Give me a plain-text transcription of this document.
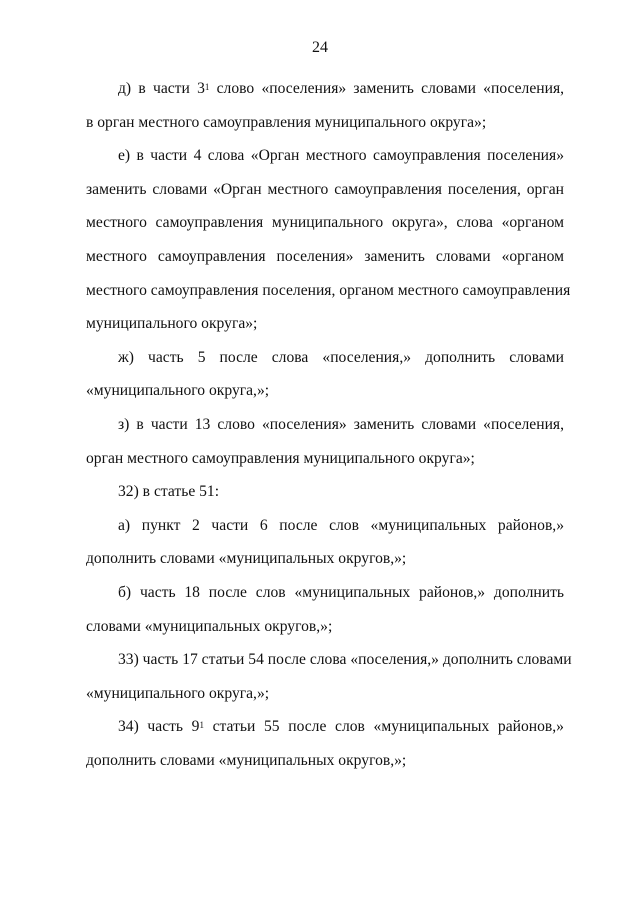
24
д) в части $3^1$ слово «поселения» заменить словами «поселения,
в орган местного самоуправления муниципального округа»;
е) в части 4 слова «Орган местного самоуправления поселения»
заменить словами «Орган местного самоуправления поселения, орган
местного самоуправления муниципального округа», слова «органом
местного самоуправления поселения» заменить словами «органом
местного самоуправления поселения, органом местного самоуправления
муниципального округа»;
ж) часть 5 после слова «поселения,» дополнить словами
«муниципального округа,»;
з) в части 13 слово «поселения» заменить словами «поселения,
орган местного самоуправления муниципального округа»;
32) в статье 51:
а) пункт 2 части 6 после слов «муниципальных районов,»
дополнить словами «муниципальных округов,»;
б) часть 18 после слов «муниципальных районов,» дополнить
словами «муниципальных округов,»;
33) часть 17 статьи 54 после слова «поселения,» дополнить словами
«муниципального округа,»;
34) часть $9^1$ статьи 55 после слов «муниципальных районов,»
дополнить словами «муниципальных округов,»;
